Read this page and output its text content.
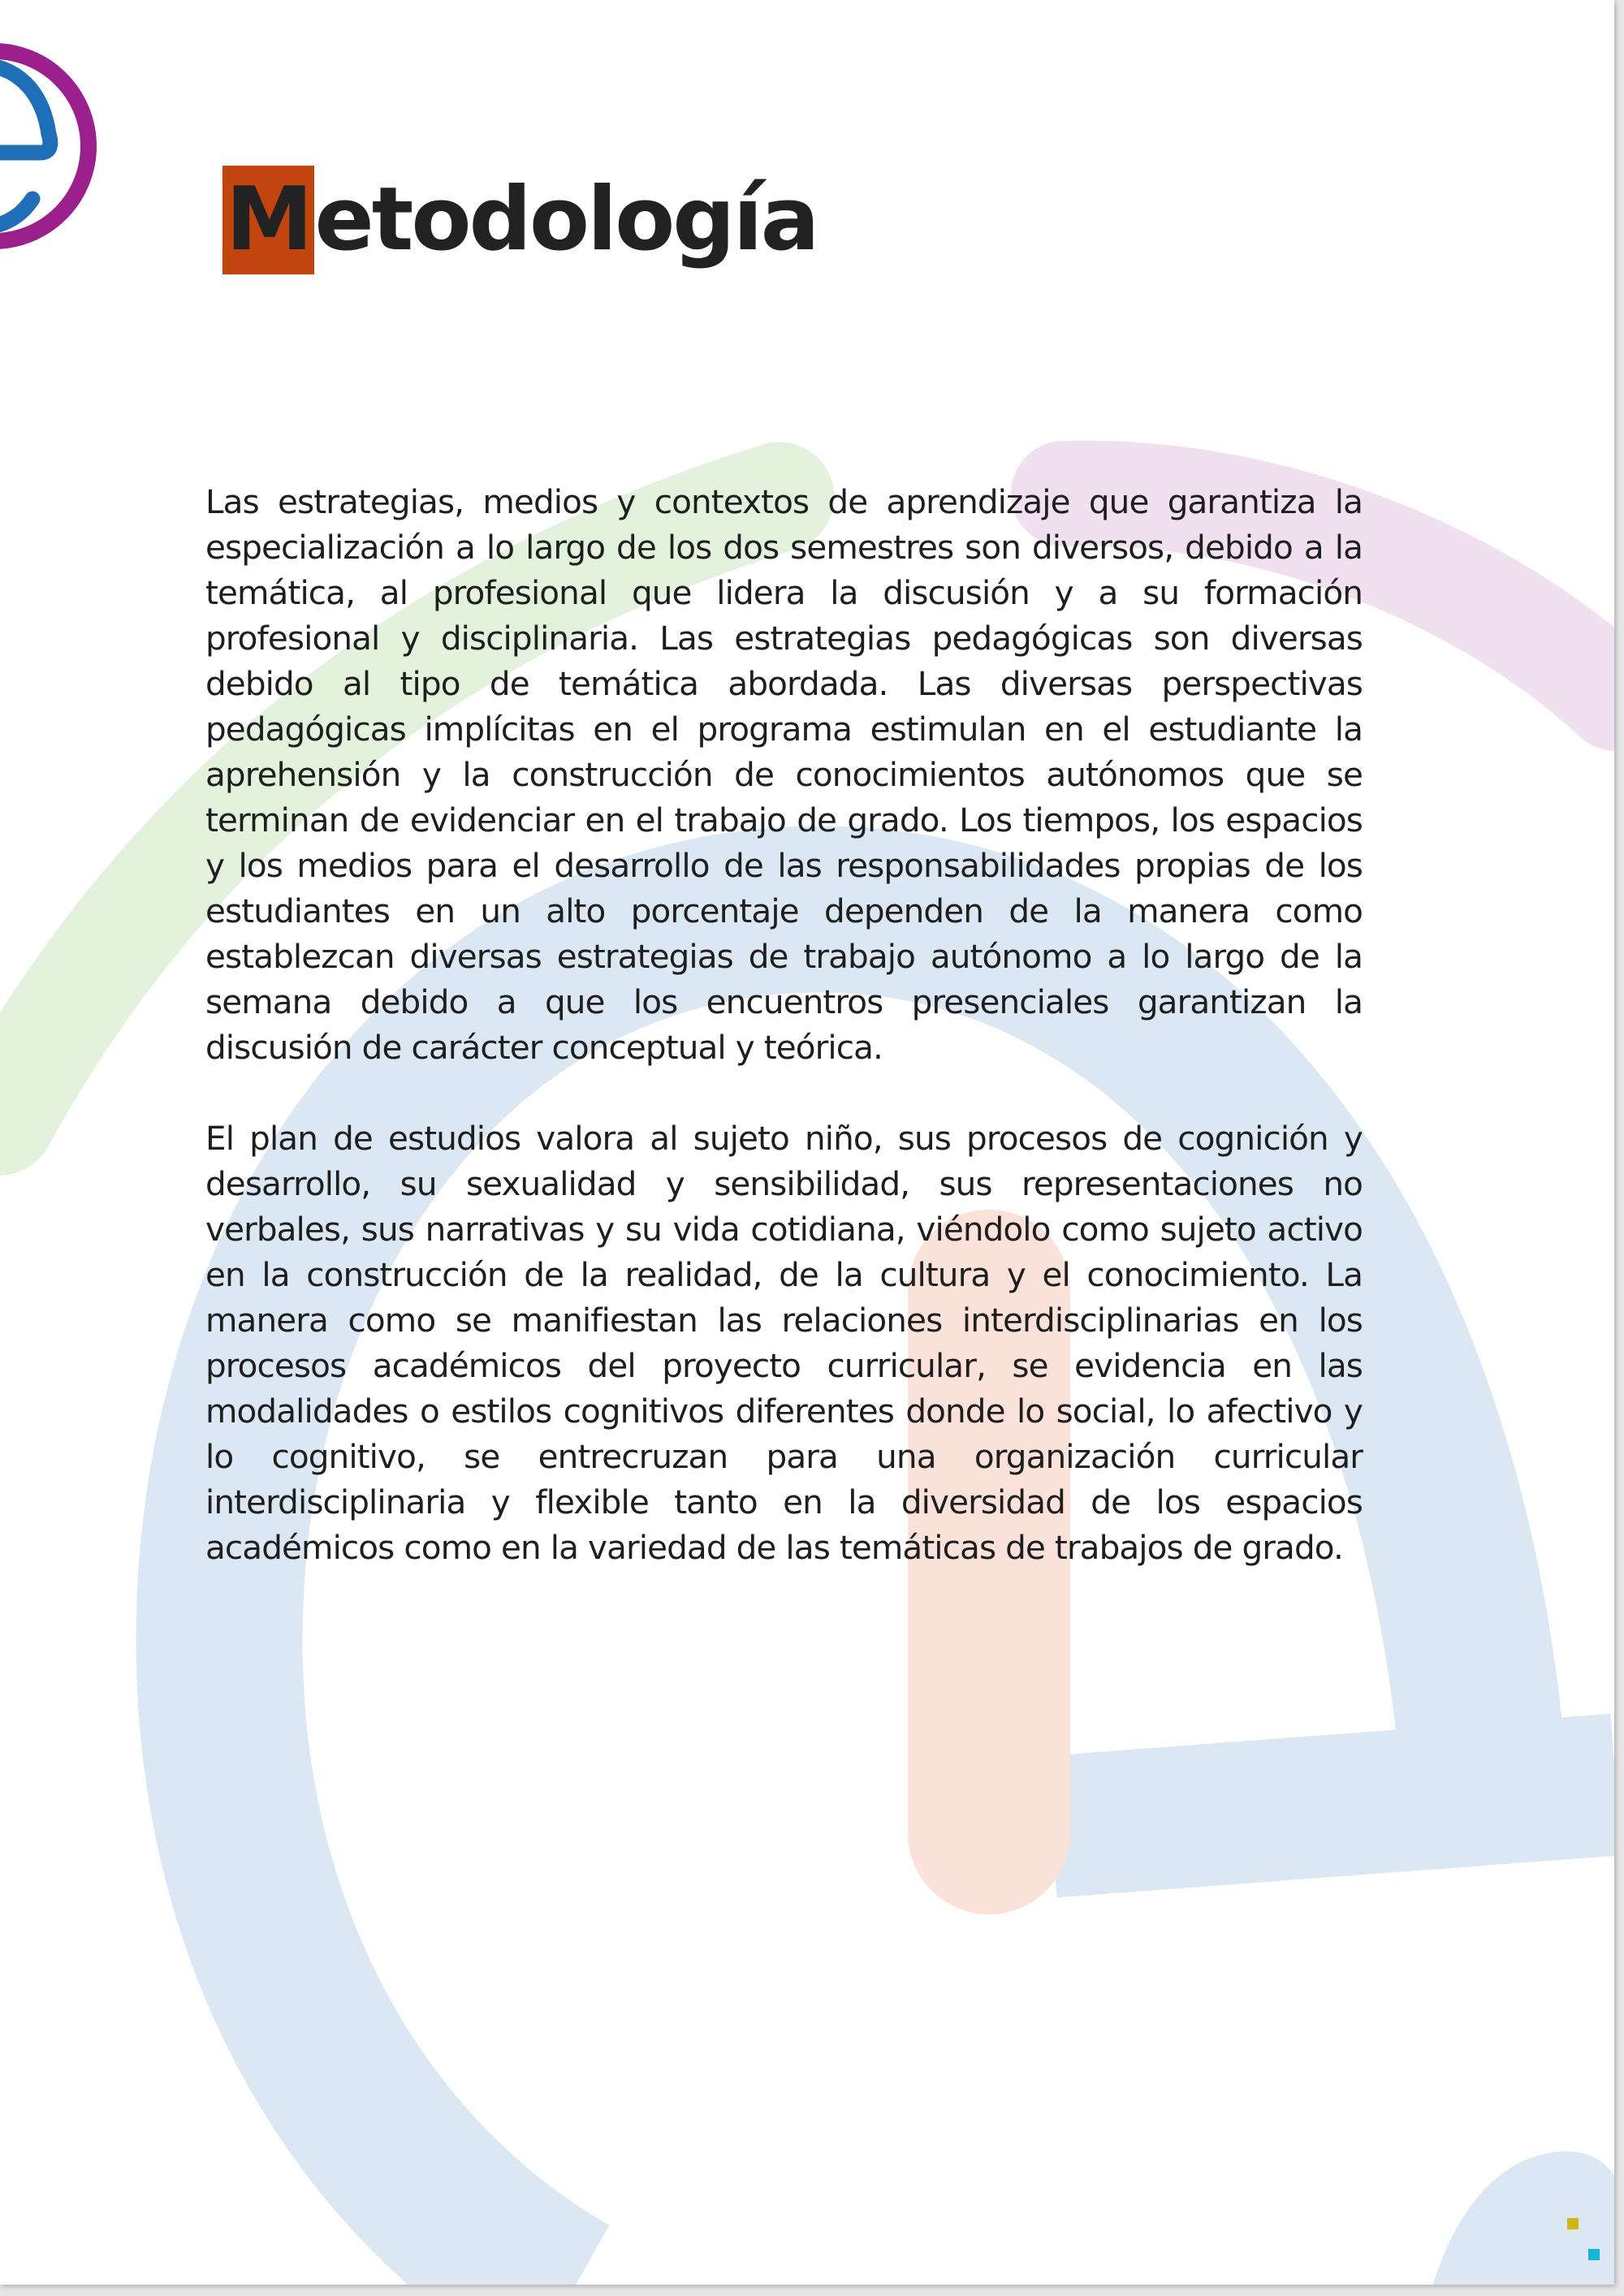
M etodología

Las estrategias, medios y contextos de aprendizaje que garantiza la especialización a lo largo de los dos semestres son diversos, debido a la temática, al profesional que lidera la discusión y a su formación profesional y disciplinaria. Las estrategias pedagógicas son diversas debido al tipo de temática abordada. Las diversas perspectivas pedagógicas implícitas en el programa estimulan en el estudiante la aprehensión y la construcción de conocimientos autónomos que se terminan de evidenciar en el trabajo de grado. Los tiempos, los espacios y los medios para el desarrollo de las responsabilidades propias de los estudiantes en un alto porcentaje dependen de la manera como establezcan diversas estrategias de trabajo autónomo a lo largo de la semana debido a que los encuentros presenciales garantizan la discusión de carácter conceptual y teórica.

El plan de estudios valora al sujeto niño, sus procesos de cognición y desarrollo, su sexualidad y sensibilidad, sus representaciones no verbales, sus narrativas y su vida cotidiana, viéndolo como sujeto activo en la construcción de la realidad, de la cultura y el conocimiento. La manera como se manifiestan las relaciones interdisciplinarias en los procesos académicos del proyecto curricular, se evidencia en las modalidades o estilos cognitivos diferentes donde lo social, lo afectivo y lo cognitivo, se entrecruzan para una organización curricular interdisciplinaria y flexible tanto en la diversidad de los espacios académicos como en la variedad de las temáticas de trabajos de grado.
